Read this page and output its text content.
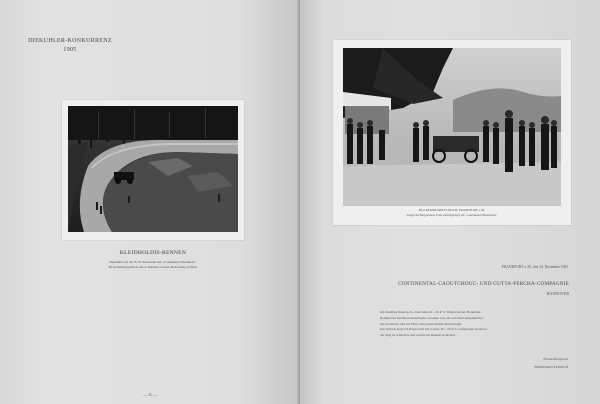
DIEKUHLER-KONKURRENZ
1905
KLEIDHOLDIS-RENNEN
Rennfahrt auf der B.-B. Rennbahn mit „Continental-Pneumatic"
im Kanalbergsgebiete des 4. Mannes von der Bestrebung eröffnet
— 11 —
Herr BERNHARD FLINSCH, FRANKFURT a. M.
Sieger im Bergrennen, Preis zurückgelegt auf „Continental-Pneumatic"
FRANKFURT a. M., den 14. November 1905
CONTINENTAL-CAOUTCHOUC- UND GUTTA-PERCHA-COMPAGNIE
HANNOVER
Ich bestätige Ihnen gern, dass mein 40—50 P. S. Wagen bei der Herkomer-
Konkurrenz mit Ihren Pneumatiks versehen war, die sich zum Zeitpunkt hat
bei bewährten und bei Fahrt ohne jeden Defekt überstanden.
Die Gründe kann ich Ihnen auch nur wieder 40—50 P. S. Lieferanten erwarten,
der Sieg ist schnell in und welche im Rennen erreichen.
Hochachtungsvoll
BERNHARD FLINSCH
